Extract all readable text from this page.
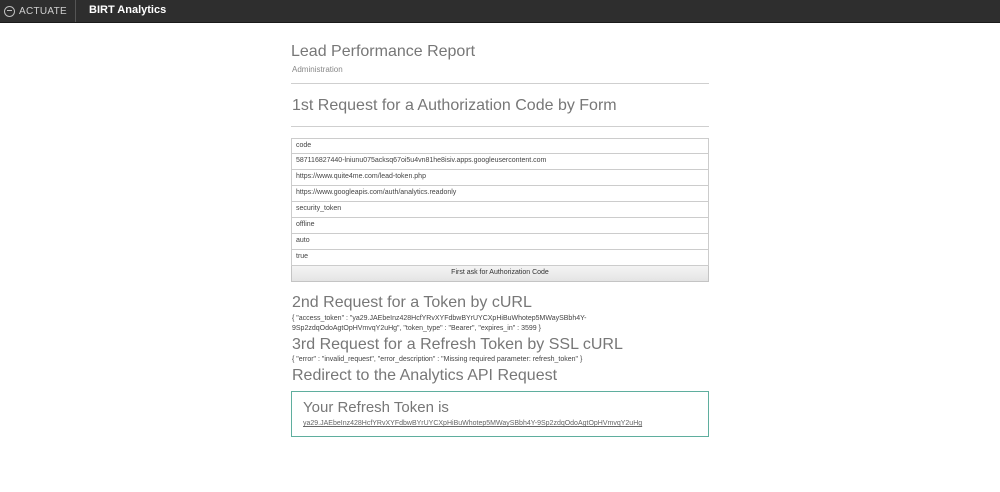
ACTUATE BIRT Analytics
Lead Performance Report
Administration
1st Request for a Authorization Code by Form
code
587116827440-lniunu075acksq67oi5u4vn81he8isiv.apps.googleusercontent.com
https://www.quite4me.com/lead-token.php
https://www.googleapis.com/auth/analytics.readonly
security_token
offline
auto
true
First ask for Authorization Code
2nd Request for a Token by cURL
{ "access_token" : "ya29.JAEbeInz428HcfYRvXYFdbwBYrUYCXpHiBuWhotep5MWaySBbh4Y-9Sp2zdqOdoAgtOpHVmvqY2uHg", "token_type" : "Bearer", "expires_in" : 3599 }
3rd Request for a Refresh Token by SSL cURL
{ "error" : "invalid_request", "error_description" : "Missing required parameter: refresh_token" }
Redirect to the Analytics API Request
Your Refresh Token is
ya29.JAEbeInz428HcfYRvXYFdbwBYrUYCXpHiBuWhotep5MWaySBbh4Y-9Sp2zdqOdoAgtOpHVmvqY2uHg
